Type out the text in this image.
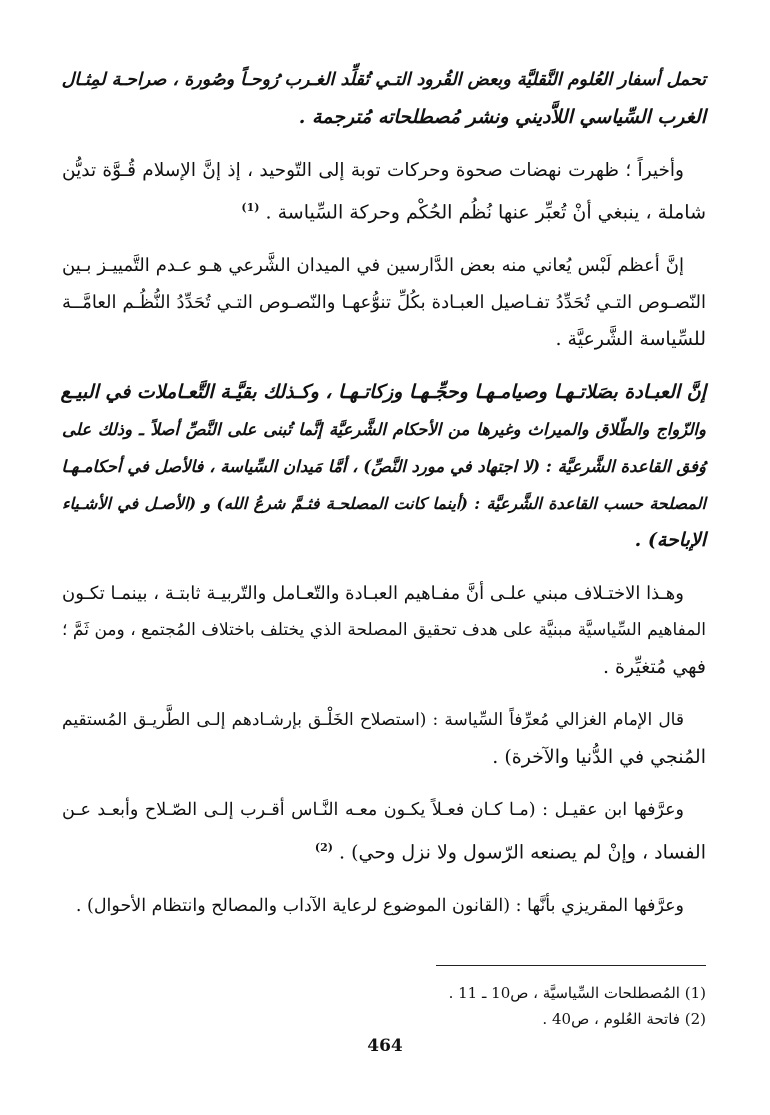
تحمل أسفار العُلوم النَّقليَّة وبعض القُرود التـي تُقلِّد الغـرب رُوحـاً وصُورة ، صراحـة لمِثـال
الغرب السِّياسي اللاَّديني ونشر مُصطلحاته مُترجمة .

وأخيراً ؛ ظهرت نهضات صحوة وحركات توبة إلى التّوحيد ، إذ إنَّ الإسلام قُـوَّة تديُّن
شاملة ، ينبغي أنْ تُعبِّر عنها نُظُم الحُكْم وحركة السِّياسة . $^{(1)}$

إنَّ أعظم لَبْس يُعاني منه بعض الدَّارسين في الميدان الشَّرعي هـو عـدم التَّمييـز بـين
النّصـوص التـي تُحَدِّدُ تفـاصيل العبـادة بكُلِّ تنوُّعهـا والنّصـوص التـي تُحَدِّدُ النُّظُـم العامَّــة
للسِّياسة الشَّرعيَّة .

إنَّ العبـادة بصَلاتـهـا وصيامـهـا وحجِّـهـا وزكاتـهـا ، وكـذلك بقيَّـة التَّعـاملات في البيـع
والزّواج والطّلاق والميراث وغيرها من الأحكام الشَّرعيَّة إنَّما تُبنى على النَّصِّ أصلاً ـ وذلك على
وُفق القاعدة الشَّرعيَّة : (لا اجتهاد في مورد النَّصِّ) ، أمَّا مَيدان السِّياسة ، فالأصل في أحكامـهـا
المصلحة حسب القاعدة الشَّرعيَّة : (أينما كانت المصلحـة فثـمَّ شرعُ الله) و (الأصـل في الأشـياء
الإباحة) .

وهـذا الاختـلاف مبني علـى أنَّ مفـاهيم العبـادة والتّعـامل والتّربيـة ثابتـة ، بينمـا تكـون
المفاهيم السِّياسيَّة مبنيَّة على هدف تحقيق المصلحة الذي يختلف باختلاف المُجتمع ، ومن ثَمَّ ؛
فهي مُتغيِّرة .

قال الإمام الغزالي مُعرِّفاً السِّياسة : (استصلاح الخَلْـق بإرشـادهم إلـى الطَّريـق المُستقيم
المُنجي في الدُّنيا والآخرة) .

وعرَّفها ابن عقيـل : (مـا كـان فعـلاً يكـون معـه النَّـاس أقـرب إلـى الصّـلاح وأبعـد عـن
الفساد ، وإنْ لم يصنعه الرّسول ولا نزل وحي) . $^{(2)}$

وعرَّفها المقريزي بأنَّها : (القانون الموضوع لرعاية الآداب والمصالح وانتظام الأحوال) .

(1) المُصطلحات السِّياسيَّة ، ص10 ـ 11 .
(2) فاتحة العُلوم ، ص40 .
464
